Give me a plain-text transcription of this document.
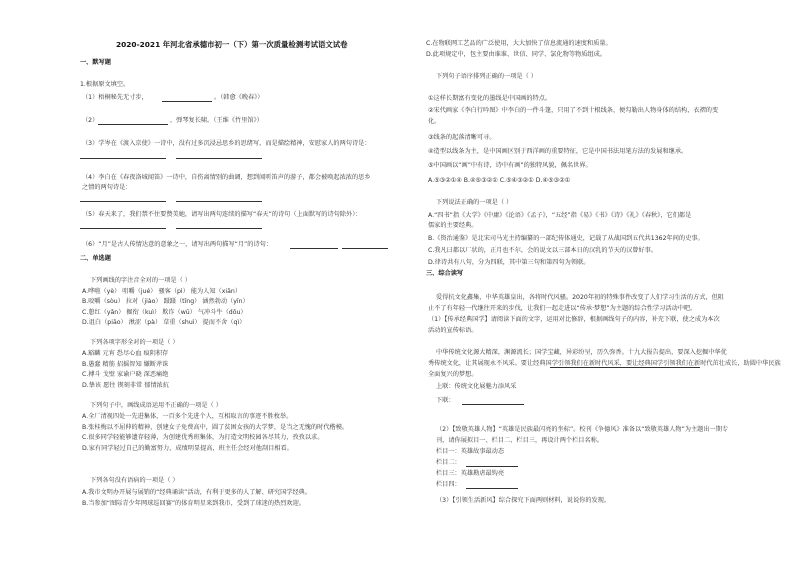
2020-2021 年河北省承德市初一（下）第一次质量检测考试语文试卷
一、默写题
1.根据原文填空。
（1）梧桐秘先无寸步，	。（韩愈《晚春》）
（2）	，弹琴复长啸。（王维《竹里馆》）
（3）学岑在《渡入京使》一诗中，没有过多沉浸忌思乡的思绪写，而是描绘精神，安慰家人的两句诗是：
（4）李白在《春夜洛城闻笛》一诗中，自伤离情别的曲调，想到闻听笛声的游子，都会被唤起浓浓的思乡
之情的两句诗是：
（5）春天来了，我们禁不住要赞美她，请写出两句连续的描写“春天”的诗句（上面默写的诗句除外）：
（6）“月”是古人传情达意的意象之一，请写出两句描写“月”的诗句：
二、单选题
下列画线的字注音全对的一项是（ ）
A.哗啦（yè） 咀嚼（jué） 骚客（pì） 能为人知（xiān）
B.咬嚼（sòu） 拉对（jiào） 蹑蹑（tīng） 涵然勃动（yīn）
C.憩红（yǎn） 掘衔（kuì） 欺诈（wū） 气冲斗牛（dōu）
D.诅白（piāo） 湫涩（pà） 草重（shuì） 提而不舍（qì）
下列各项字形全对的一项是（ ）
A.豁麟 元宵 恐尽心血 痕阴积存
B.愚蠢 精筋 招摇智知 嫌断斧诛
C.搏斗 戈壁 家谕户晓 深恶痛绝
D.挚该 愿往 锲刻非常 郁情浓抗
下列句子中，画线成语运用不正确的一项是（ ）
A.全厂清视四处一先进集体，一百多个先进个人，互相取言的事迹不胜枚举。
B.张桂梅以不屈伸的精神，创建女子免费高中，圆了贫困女孩的大学梦，是当之无愧的时代楷模。
C.很多同学轻能够遗存轻薄，为创建优秀班集体，为打造文明校园各尽其力，孜孜以求。
D.家有同学轻过自己的勤富努力，成绩明显提高，班主任会经对他刮目相看。
下列各句没有语病的一项是（ ）
A.我市文明办开展与展销的“经典诵读”活动，有利于更多的人了解、研究国学经典。
B.当参加“图际青少年网球巡回赛”的体育明星来到我市，受到了球迷的热烈欢迎。
C.在物联网工艺品的广泛使用，大大加快了信息流通的速度和质量。
D.此项规定中，包主要由谁谁、世信、同学、氯化物等物质组成。
下列句子语序排列正确的一项是（ ）
①这样长期富有变化的墨线是中国画的特点。
②宋代画家《李白行吟图》中李白的一件斗篷，只用了不到十根线条，便勾勒出人物身体的结构，衣褶的变
化。
③线条的起落清晰可寻。
④造型以线条为主，是中国画区别于西洋画的重要特征，它是中国书法用笔方法的发展和继承。
⑤中国画以“画”中有诗，诗中有画”的独特风貌，佩名世界。
A.⑤③②①④ B.④⑤③②① C.⑤④③②① D.④⑤③②①
下列说法正确的一项是（ ）
A.“四书”指《大学》《中庸》《论语》《孟子》，“五经”指《易》《书》《诗》《礼》《春秋》，它们都是
儒家的主要经典。
B.《资治通鉴》是北宋司马光主持编纂的一部纪传体通史，记载了从战国到五代共1362年间的史事。
C.我凡曰都以厂状的，正月也不尔，会的说文以三部本日的汉乳的节天的汉曾好事。
D.律诗共有八句，分为四联，其中第三句和第四句为领联。
三、综合读写
爱得抗文化鑫集，中华英雄皇出，各将时代风骚。2020年初的特殊事件改变了人们学习生活的方式，但阻
止不了有年轻一代继往开来的步伐，让我们一起走进以“传承·梦想”为主题的综合性学习活动中吧。
（1）【传承经典国学】请阅读下面的文字，运用对比修辞，根据画线句子的内容，补充下联，使之成为本次
活动的宣传标语。
中华传统文化源大精深，渊源流长；国学宝藏，异彩纷呈，历久弥香。十九大报告提出，要深入挖掘中华优
秀传统文化，让其展现永不风采。要让经典国学引领我们在新时代风采，要让经典国学引领我们在新时代茁壮成长，助圆中华民族
全面复兴的梦想。
上联：传统文化展魅力添风采
下联：
（2）【致敬英雄人物】“英雄是民族最闪亮的坐标”。校刊《争德风》准备以“致敬英雄人物”为主题出一期专
刊，请你展拟目一、栏目二、栏目三，再设计两个栏目名称。
栏目一：英雄故事最动态
栏目二：
栏目三：英雄勘虐最钩亮
栏目四：
（3）【引领生活新风】综合探究下面两则材料，说说你的发现。
